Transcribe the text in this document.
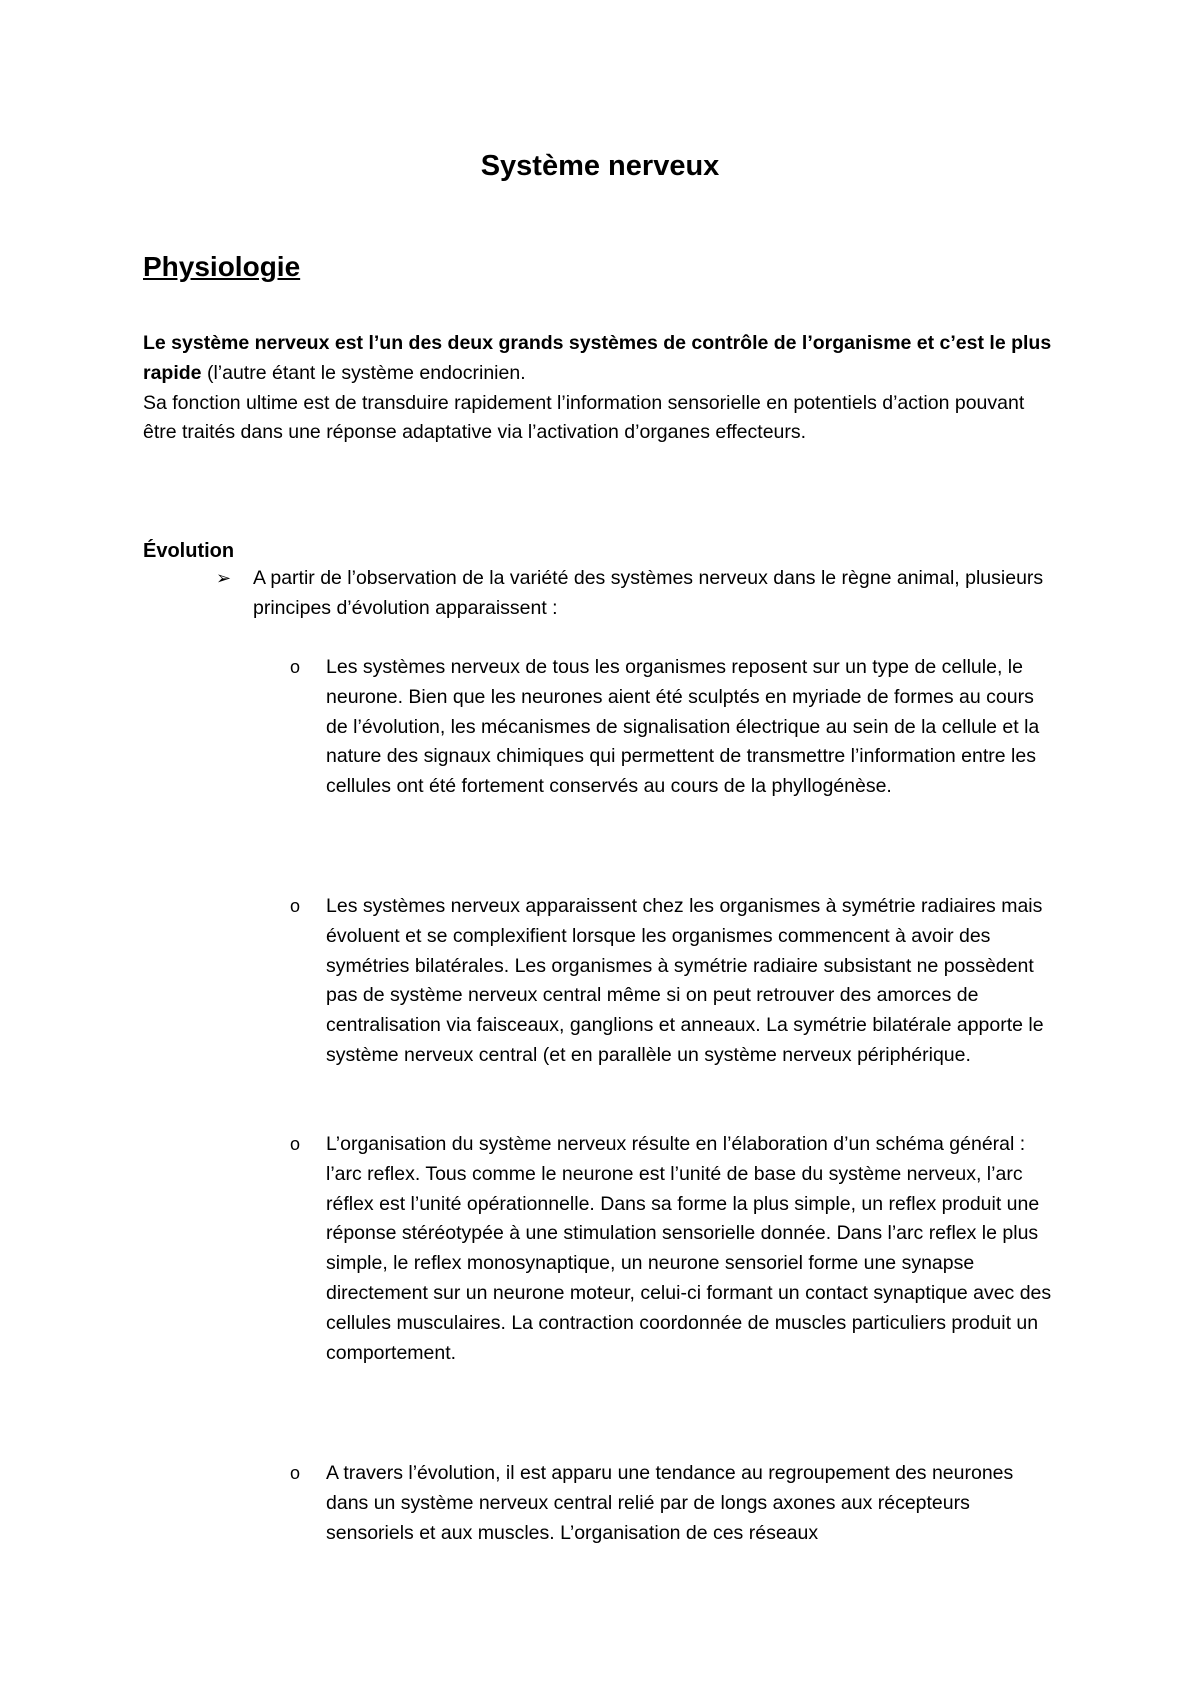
Système nerveux
Physiologie

Le système nerveux est l’un des deux grands systèmes de contrôle de l’organisme et c’est le plus rapide (l’autre étant le système endocrinien.

Sa fonction ultime est de transduire rapidement l’information sensorielle en potentiels d’action pouvant être traités dans une réponse adaptative via l’activation d’organes effecteurs.

Évolution
➢	A partir de l’observation de la variété des systèmes nerveux dans le règne animal, plusieurs principes d’évolution apparaissent :
o Les systèmes nerveux de tous les organismes reposent sur un type de cellule, le neurone. Bien que les neurones aient été sculptés en myriade de formes au cours de l’évolution, les mécanismes de signalisation électrique au sein de la cellule et la nature des signaux chimiques qui permettent de transmettre l’information entre les cellules ont été fortement conservés au cours de la phyllogénèse.
o Les systèmes nerveux apparaissent chez les organismes à symétrie radiaires mais évoluent et se complexifient lorsque les organismes commencent à avoir des symétries bilatérales. Les organismes à symétrie radiaire subsistant ne possèdent pas de système nerveux central même si on peut retrouver des amorces de centralisation via faisceaux, ganglions et anneaux. La symétrie bilatérale apporte le système nerveux central (et en parallèle un système nerveux périphérique.
o L’organisation du système nerveux résulte en l’élaboration d’un schéma général : l’arc reflex. Tous comme le neurone est l’unité de base du système nerveux, l’arc réflex est l’unité opérationnelle. Dans sa forme la plus simple, un reflex produit une réponse stéréotypée à une stimulation sensorielle donnée. Dans l’arc reflex le plus simple, le reflex monosynaptique, un neurone sensoriel forme une synapse directement sur un neurone moteur, celui-ci formant un contact synaptique avec des cellules musculaires. La contraction coordonnée de muscles particuliers produit un comportement.
o A travers l’évolution, il est apparu une tendance au regroupement des neurones dans un système nerveux central relié par de longs axones aux récepteurs sensoriels et aux muscles. L’organisation de ces réseaux
